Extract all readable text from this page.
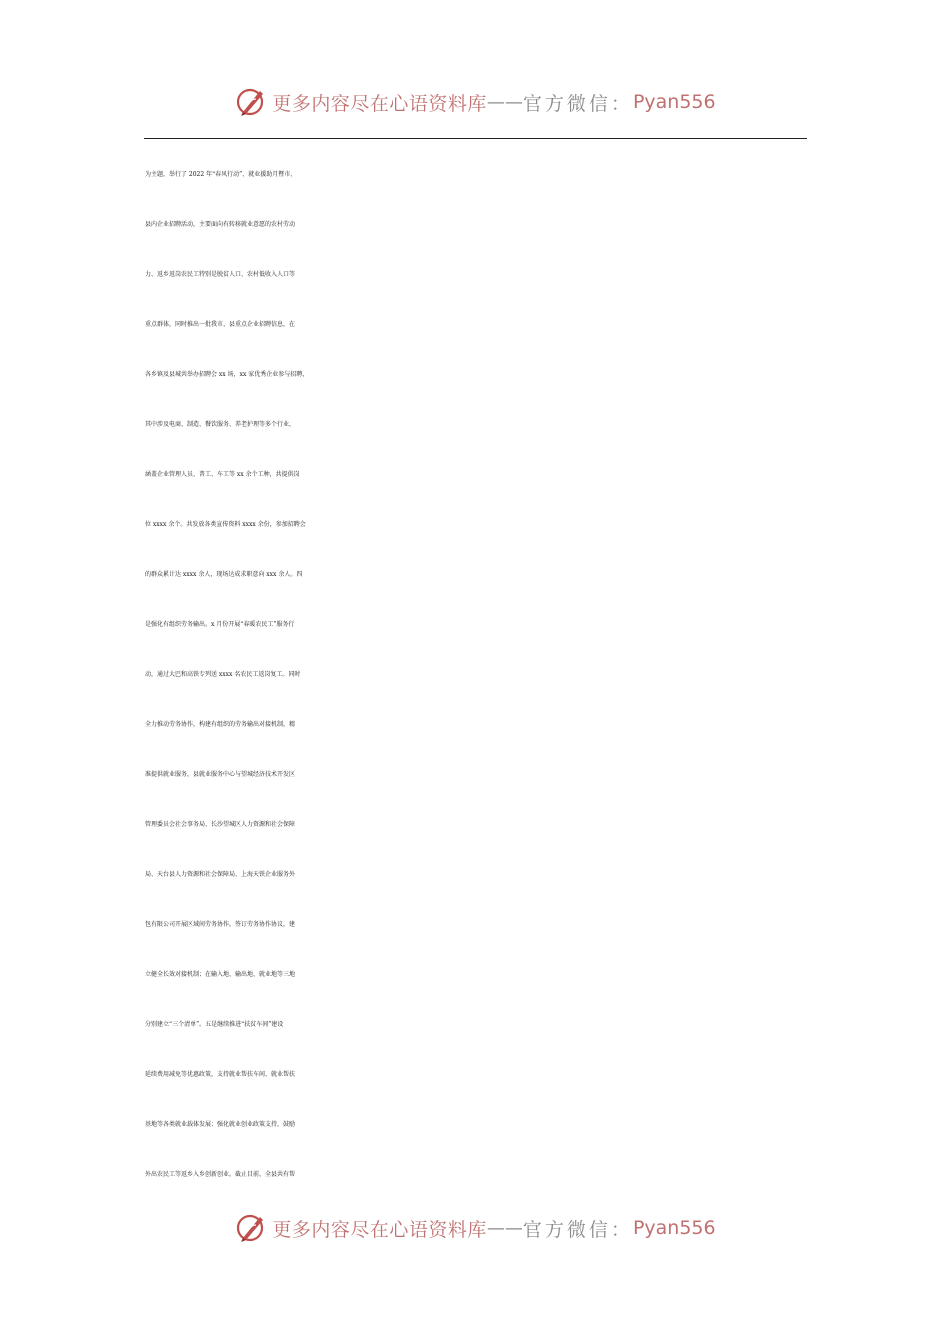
更多内容尽在心语资料库 —— 官方微信： Pyan556
为主题，举行了 2022 年“春风行动”、就业援助月暨市、
县内企业招聘活动，主要面向有转移就业意愿的农村劳动
力、返乡返岗农民工特别是脱贫人口、农村低收入人口等
重点群体，同时推出一批我市、县重点企业招聘信息，在
各乡镇及县城共举办招聘会 xx 场，xx 家优秀企业参与招聘，
其中涉及电商、制造、餐饮服务、养老护理等多个行业，
涵盖企业管理人员、普工、车工等 xx 余个工种，共提供岗
位 xxxx 余个。共发放各类宣传资料 xxxx 余份，参加招聘会
的群众累计达 xxxx 余人，现场达成求职意向 xxx 余人。四
是强化有组织劳务输出。x 月份开展“春暖农民工”服务行
动，通过大巴和高铁专列送 xxxx 名农民工返岗复工。同时
全力推动劳务协作，构建有组织的劳务输出对接机制，精
准提供就业服务，县就业服务中心与望城经济技术开发区
管理委员会社会事务局、长沙望城区人力资源和社会保障
局、天台县人力资源和社会保障局、上海天铁企业服务外
包有限公司开展区域间劳务协作，签订劳务协作协议，建
立健全长效对接机制；在输入地、输出地、就业地等三地
分别建立“三个清单”。五是继续推进“扶贫车间”建设
延续费用减免等优惠政策，支持就业帮扶车间、就业帮扶
基地等各类就业载体发展；强化就业创业政策支持，鼓励
外出农民工等返乡入乡创新创业。截止目前，全县共有帮
更多内容尽在心语资料库 —— 官方微信： Pyan556
